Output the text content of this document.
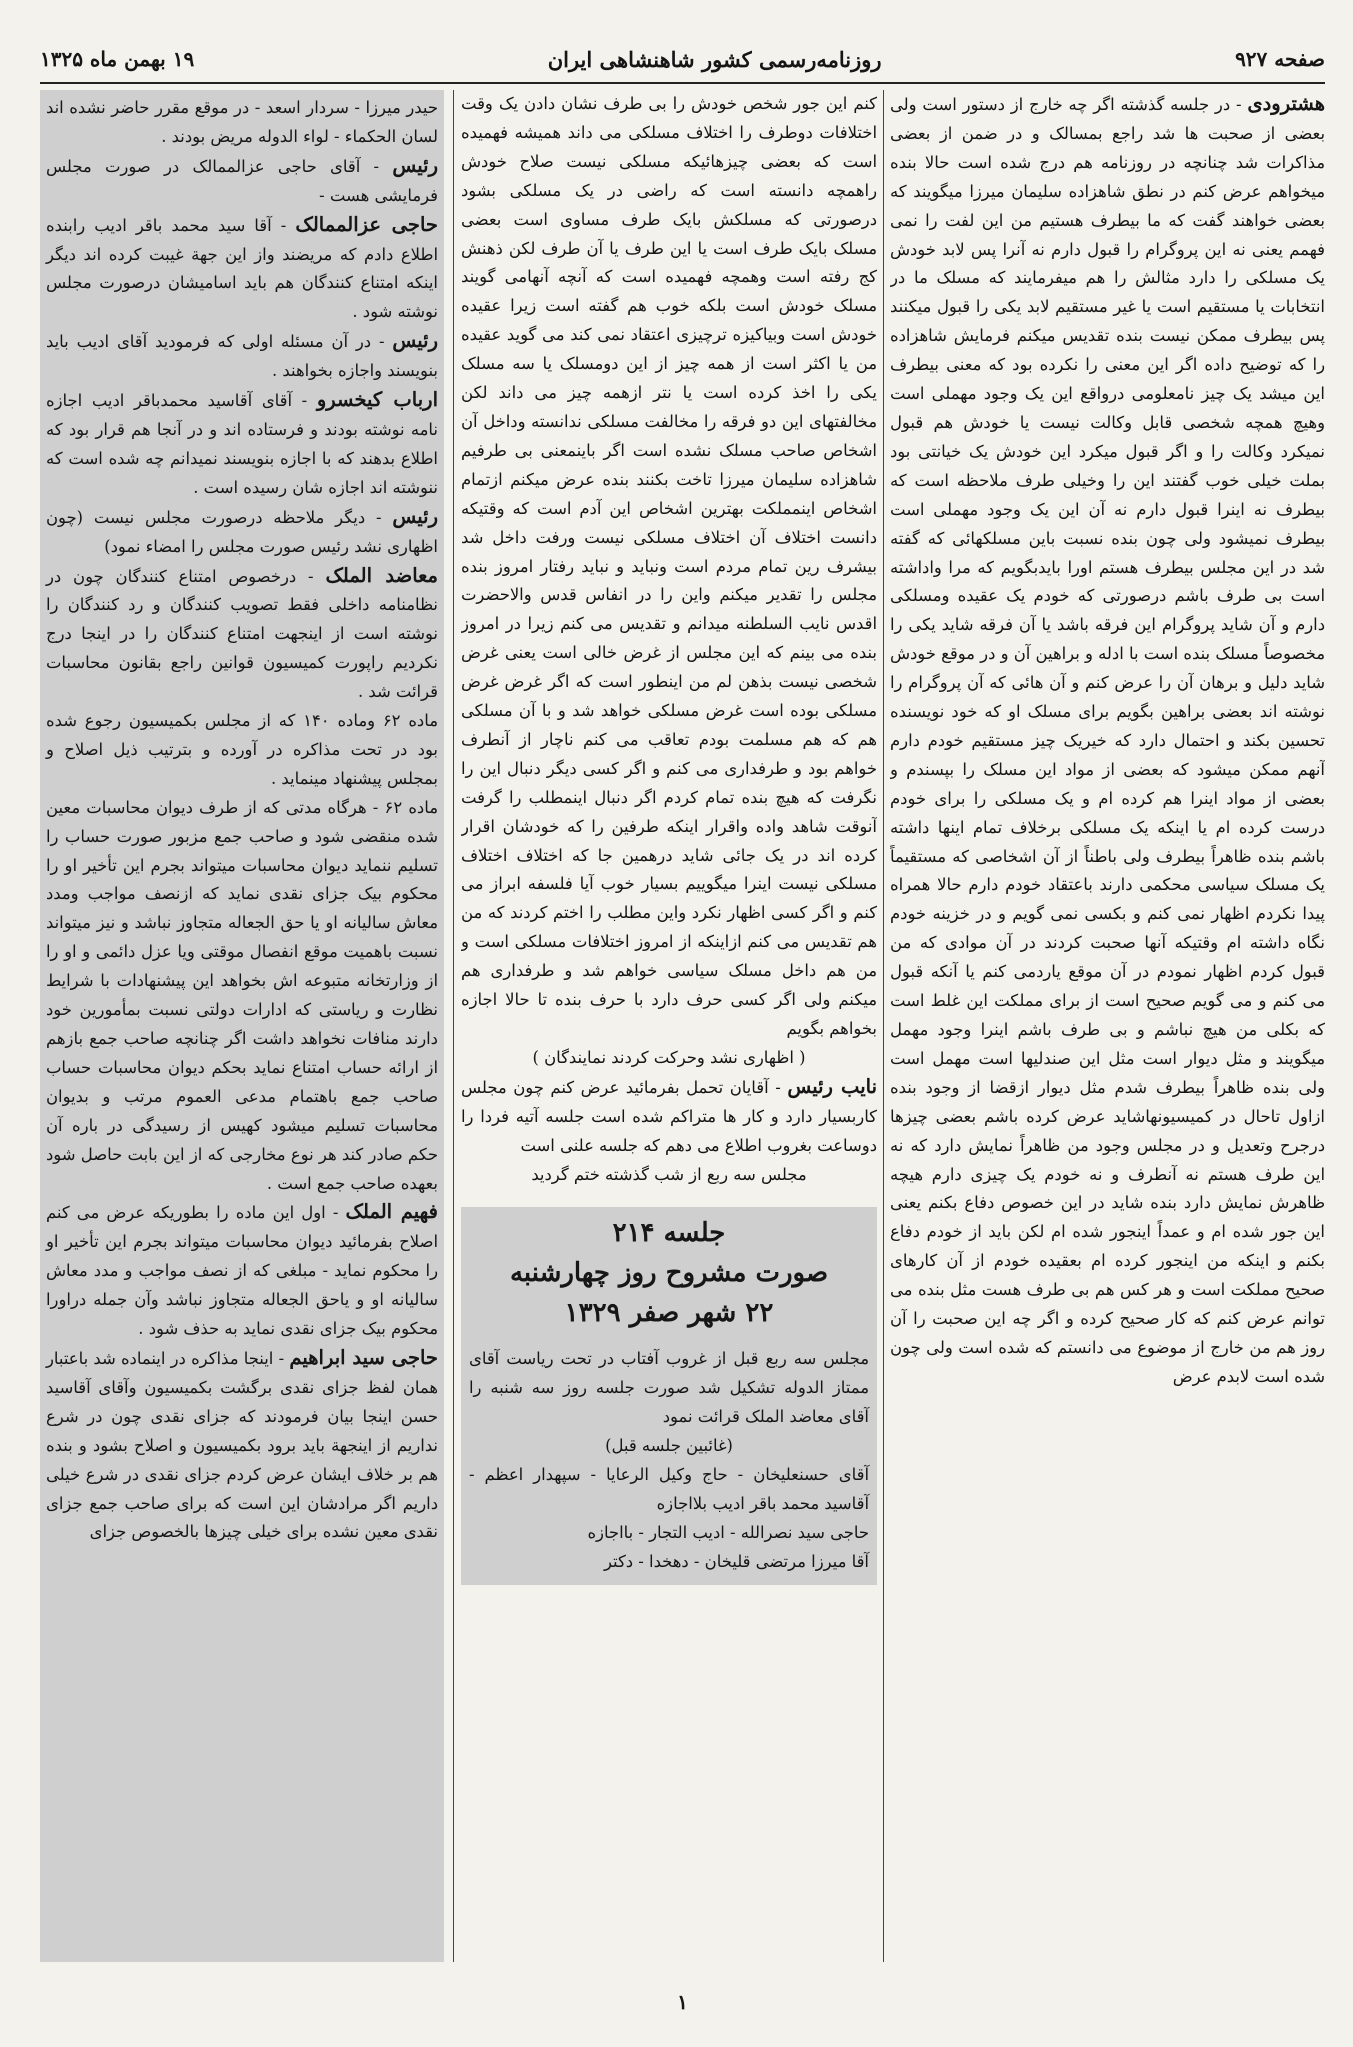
صفحه ۹۲۷
روزنامه‌رسمی کشور شاهنشاهی ایران
۱۹ بهمن ماه ۱۳۲۵

هشترودی - در جلسه گذشته اگر چه خارج از دستور است ولی بعضی از صحبت ها شد راجع بمسالک و در ضمن از بعضی مذاکرات شد چنانچه در روزنامه هم درج شده است حالا بنده میخواهم عرض کنم در نطق شاهزاده سلیمان میرزا میگویند که بعضی خواهند گفت که ما بیطرف هستیم من این لفت را نمی فهمم یعنی نه این پروگرام را قبول دارم نه آنرا پس لابد خودش یک مسلکی را دارد مثالش را هم میفرمایند که مسلک ما در انتخابات یا مستقیم است یا غیر مستقیم لابد یکی را قبول میکنند پس بیطرف ممکن نیست بنده تقدیس میکنم فرمایش شاهزاده را که توضیح داده اگر این معنی را نکرده بود که معنی بیطرف این میشد یک چیز نامعلومی درواقع این یک وجود مهملی است وهیچ همچه شخصی قابل وکالت نیست یا خودش هم قبول نمیکرد وکالت را و اگر قبول میکرد این خودش یک خیانتی بود بملت خیلی خوب گفتند این را وخیلی طرف ملاحظه است که بیطرف نه اینرا قبول دارم نه آن این یک وجود مهملی است بیطرف نمیشود ولی چون بنده نسبت باین مسلکهائی که گفته شد در این مجلس بیطرف هستم اورا بایدبگویم که مرا واداشته است بی طرف باشم درصورتی که خودم یک عقیده ومسلکی دارم و آن شاید پروگرام این فرقه باشد یا آن فرقه شاید یکی را مخصوصاً مسلک بنده است با ادله و براهین آن و در موقع خودش شاید دلیل و برهان آن را عرض کنم و آن هائی که آن پروگرام را نوشته اند بعضی براهین بگویم برای مسلک او که خود نویسنده تحسین بکند و احتمال دارد که خیریک چیز مستقیم خودم دارم آنهم ممکن میشود که بعضی از مواد این مسلک را بپسندم و بعضی از مواد اینرا هم کرده ام و یک مسلکی را برای خودم درست کرده ام یا اینکه یک مسلکی برخلاف تمام اینها داشته باشم بنده ظاهراً بیطرف ولی باطناً از آن اشخاصی که مستقیماً یک مسلک سیاسی محکمی دارند باعتقاد خودم دارم حالا همراه پیدا نکردم اظهار نمی کنم و بکسی نمی گویم و در خزینه خودم نگاه داشته ام وقتیکه آنها صحبت کردند در آن موادی که من قبول کردم اظهار نمودم در آن موقع یاردمی کنم یا آنکه قبول می کنم و می گویم صحیح است از برای مملکت این غلط است که بکلی من هیچ نباشم و بی طرف باشم اینرا وجود مهمل میگویند و مثل دیوار است مثل این صندلیها است مهمل است ولی بنده ظاهراً بیطرف شدم مثل دیوار ازقضا از وجود بنده ازاول تاحال در کمیسیونهاشاید عرض کرده باشم بعضی چیزها درجرح وتعدیل و در مجلس وجود من ظاهراً نمایش دارد که نه این طرف هستم نه آنطرف و نه خودم یک چیزی دارم هیچه ظاهرش نمایش دارد بنده شاید در این خصوص دفاع بکنم یعنی این جور شده ام و عمداً اینجور شده ام لکن باید از خودم دفاع بکنم و اینکه من اینجور کرده ام بعقیده خودم از آن کارهای صحیح مملکت است و هر کس هم بی طرف هست مثل بنده می توانم عرض کنم که کار صحیح کرده و اگر چه این صحبت را آن روز هم من خارج از موضوع می دانستم که شده است ولی چون شده است لابدم عرض

کنم این جور شخص خودش را بی طرف نشان دادن یک وقت اختلافات دوطرف را اختلاف مسلکی می داند همیشه فهمیده است که بعضی چیزهائیکه مسلکی نیست صلاح خودش راهمچه دانسته است که راضی در یک مسلکی بشود درصورتی که مسلکش بایک طرف مساوی است بعضی مسلک بایک طرف است یا این طرف یا آن طرف لکن ذهنش کج رفته است وهمچه فهمیده است که آنچه آنهامی گویند مسلک خودش است بلکه خوب هم گفته است زیرا عقیده خودش است وبیاکیزه ترچیزی اعتقاد نمی کند می گوید عقیده من یا اکثر است از همه چیز از این دومسلک یا سه مسلک یکی را اخذ کرده است یا نتر ازهمه چیز می داند لکن مخالفتهای این دو فرقه را مخالفت مسلکی ندانسته وداخل آن اشخاص صاحب مسلک نشده است اگر باینمعنی بی طرفیم شاهزاده سلیمان میرزا تاخت بکنند بنده عرض میکنم ازتمام اشخاص اینمملکت بهترین اشخاص این آدم است که وقتیکه دانست اختلاف آن اختلاف مسلکی نیست ورفت داخل شد بیشرف رین تمام مردم است ونباید و نباید رفتار امروز بنده مجلس را تقدیر میکنم واین را در انفاس قدس والاحضرت اقدس نایب السلطنه میدانم و تقدیس می کنم زیرا در امروز بنده می بینم که این مجلس از غرض خالی است یعنی غرض شخصی نیست بذهن لم من اینطور است که اگر غرض غرض مسلکی بوده است غرض مسلکی خواهد شد و با آن مسلکی هم که هم مسلمت بودم تعاقب می کنم ناچار از آنطرف خواهم بود و طرفداری می کنم و اگر کسی دیگر دنبال این را نگرفت که هیچ بنده تمام کردم اگر دنبال اینمطلب را گرفت آنوقت شاهد واده واقرار اینکه طرفین را که خودشان اقرار کرده اند در یک جائی شاید درهمین جا که اختلاف اختلاف مسلکی نیست اینرا میگوییم بسیار خوب آیا فلسفه ابراز می کنم و اگر کسی اظهار نکرد واین مطلب را اختم کردند که من هم تقدیس می کنم ازاینکه از امروز اختلافات مسلکی است و من هم داخل مسلک سیاسی خواهم شد و طرفداری هم میکنم ولی اگر کسی حرف دارد با حرف بنده تا حالا اجازه بخواهم بگویم

( اظهاری نشد وحرکت کردند نمایندگان )

نایب رئیس - آقایان تحمل بفرمائید عرض کنم چون مجلس کاربسیار دارد و کار ها متراکم شده است جلسه آتیه فردا را دوساعت بغروب اطلاع می دهم که جلسه علنی است

مجلس سه ربع از شب گذشته ختم گردید

جلسه ۲۱۴
صورت مشروح روز چهارشنبه
۲۲ شهر صفر ۱۳۲۹

مجلس سه ربع قبل از غروب آفتاب در تحت ریاست آقای ممتاز الدوله تشکیل شد صورت جلسه روز سه شنبه را آقای معاضد الملک قرائت نمود

(غائبین جلسه قبل)

آقای حسنعلیخان - حاج وکیل الرعایا - سپهدار اعظم - آقاسید محمد باقر ادیب بلااجازه

حاجی سید نصرالله - ادیب التجار - بااجازه

آقا میرزا مرتضی قلیخان - دهخدا - دکتر

حیدر میرزا - سردار اسعد - در موقع مقرر حاضر نشده اند لسان الحکماء - لواء الدوله مریض بودند .

رئیس - آقای حاجی عزالممالک در صورت مجلس فرمایشی هست -

حاجی عزالممالک - آقا سید محمد باقر ادیب رابنده اطلاع دادم که مریضند واز این جهة غیبت کرده اند دیگر اینکه امتناع کنندگان هم باید اسامیشان درصورت مجلس نوشته شود .

رئیس - در آن مسئله اولی که فرمودید آقای ادیب باید بنویسند واجازه بخواهند .

ارباب کیخسرو - آقای آقاسید محمدباقر ادیب اجازه نامه نوشته بودند و فرستاده اند و در آنجا هم قرار بود که اطلاع بدهند که با اجازه بنویسند نمیدانم چه شده است که ننوشته اند اجازه شان رسیده است .

رئیس - دیگر ملاحظه درصورت مجلس نیست (چون اظهاری نشد رئیس صورت مجلس را امضاء نمود)

معاضد الملک - درخصوص امتناع کنندگان چون در نظامنامه داخلی فقط تصویب کنندگان و رد کنندگان را نوشته است از اینجهت امتناع کنندگان را در اینجا درج نکردیم راپورت کمیسیون قوانین راجع بقانون محاسبات قرائت شد .

ماده ۶۲ وماده ۱۴۰ که از مجلس بکمیسیون رجوع شده بود در تحت مذاکره در آورده و بترتیب ذیل اصلاح و بمجلس پیشنهاد مینماید .

ماده ۶۲ - هرگاه مدتی که از طرف دیوان محاسبات معین شده منقضی شود و صاحب جمع مزبور صورت حساب را تسلیم ننماید دیوان محاسبات میتواند بجرم این تأخیر او را محکوم بیک جزای نقدی نماید که ازنصف مواجب ومدد معاش سالیانه او یا حق الجعاله متجاوز نباشد و نیز میتواند نسبت باهمیت موقع انفصال موقتی ویا عزل دائمی و او را از وزارتخانه متبوعه اش بخواهد این پیشنهادات با شرایط نظارت و ریاستی که ادارات دولتی نسبت بمأمورین خود دارند منافات نخواهد داشت اگر چنانچه صاحب جمع بازهم از ارائه حساب امتناع نماید بحکم دیوان محاسبات حساب صاحب جمع باهتمام مدعی العموم مرتب و بدیوان محاسبات تسلیم میشود کهیس از رسیدگی در باره آن حکم صادر کند هر نوع مخارجی که از این بابت حاصل شود بعهده صاحب جمع است .

فهیم الملک - اول این ماده را بطوریکه عرض می کنم اصلاح بفرمائید دیوان محاسبات میتواند بجرم این تأخیر او را محکوم نماید - مبلغی که از نصف مواجب و مدد معاش سالیانه او و یاحق الجعاله متجاوز نباشد وآن جمله دراورا محکوم بیک جزای نقدی نماید به حذف شود .

حاجی سید ابراهیم - اینجا مذاکره در اینماده شد باعتبار همان لفظ جزای نقدی برگشت بکمیسیون وآقای آقاسید حسن اینجا بیان فرمودند که جزای نقدی چون در شرع نداریم از اینجهة باید برود بکمیسیون و اصلاح بشود و بنده هم بر خلاف ایشان عرض کردم جزای نقدی در شرع خیلی داریم اگر مرادشان این است که برای صاحب جمع جزای نقدی معین نشده برای خیلی چیزها بالخصوص جزای

۱
